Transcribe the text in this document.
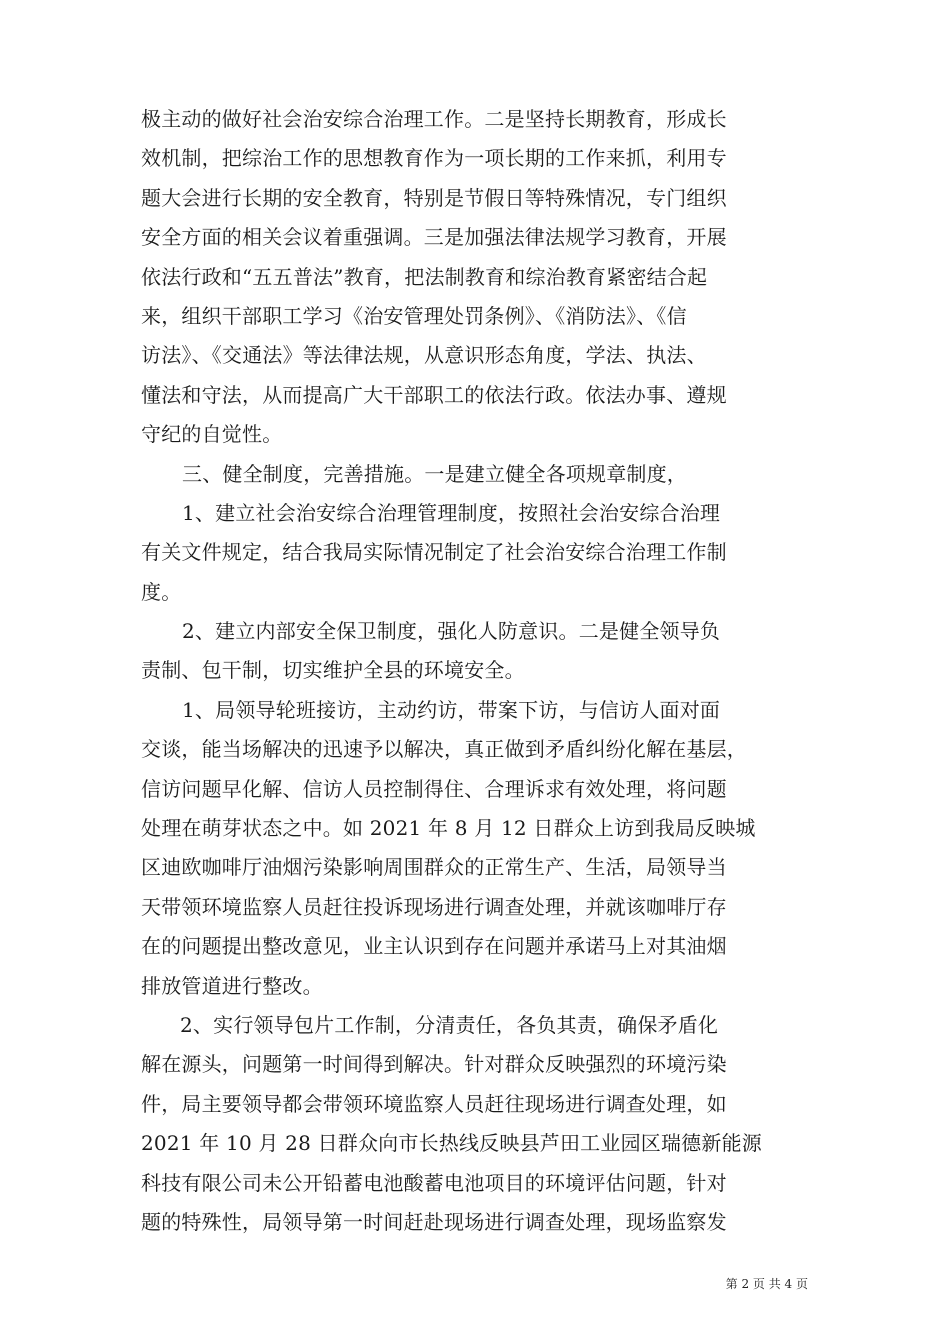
极主动的做好社会治安综合治理工作。二是坚持长期教育，形成长
效机制，把综治工作的思想教育作为一项长期的工作来抓，利用专
题大会进行长期的安全教育，特别是节假日等特殊情况，专门组织
安全方面的相关会议着重强调。三是加强法律法规学习教育，开展
依法行政和“五五普法”教育，把法制教育和综治教育紧密结合起
来，组织干部职工学习《治安管理处罚条例》、《消防法》、《信
访法》、《交通法》等法律法规，从意识形态角度，学法、执法、
懂法和守法，从而提高广大干部职工的依法行政。依法办事、遵规
守纪的自觉性。
三、健全制度，完善措施。一是建立健全各项规章制度，
1、建立社会治安综合治理管理制度，按照社会治安综合治理
有关文件规定，结合我局实际情况制定了社会治安综合治理工作制
度。
2、建立内部安全保卫制度，强化人防意识。二是健全领导负
责制、包干制，切实维护全县的环境安全。
1、局领导轮班接访，主动约访，带案下访，与信访人面对面
交谈，能当场解决的迅速予以解决，真正做到矛盾纠纷化解在基层，
信访问题早化解、信访人员控制得住、合理诉求有效处理，将问题
处理在萌芽状态之中。如 2021 年 8 月 12 日群众上访到我局反映城
区迪欧咖啡厅油烟污染影响周围群众的正常生产、生活，局领导当
天带领环境监察人员赶往投诉现场进行调查处理，并就该咖啡厅存
在的问题提出整改意见，业主认识到存在问题并承诺马上对其油烟
排放管道进行整改。
2、实行领导包片工作制，分清责任，各负其责，确保矛盾化
解在源头，问题第一时间得到解决。针对群众反映强烈的环境污染
件，局主要领导都会带领环境监察人员赶往现场进行调查处理，如
2021 年 10 月 28 日群众向市长热线反映县芦田工业园区瑞德新能源
科技有限公司未公开铅蓄电池酸蓄电池项目的环境评估问题，针对
题的特殊性，局领导第一时间赶赴现场进行调查处理，现场监察发
第 2 页 共 4 页
